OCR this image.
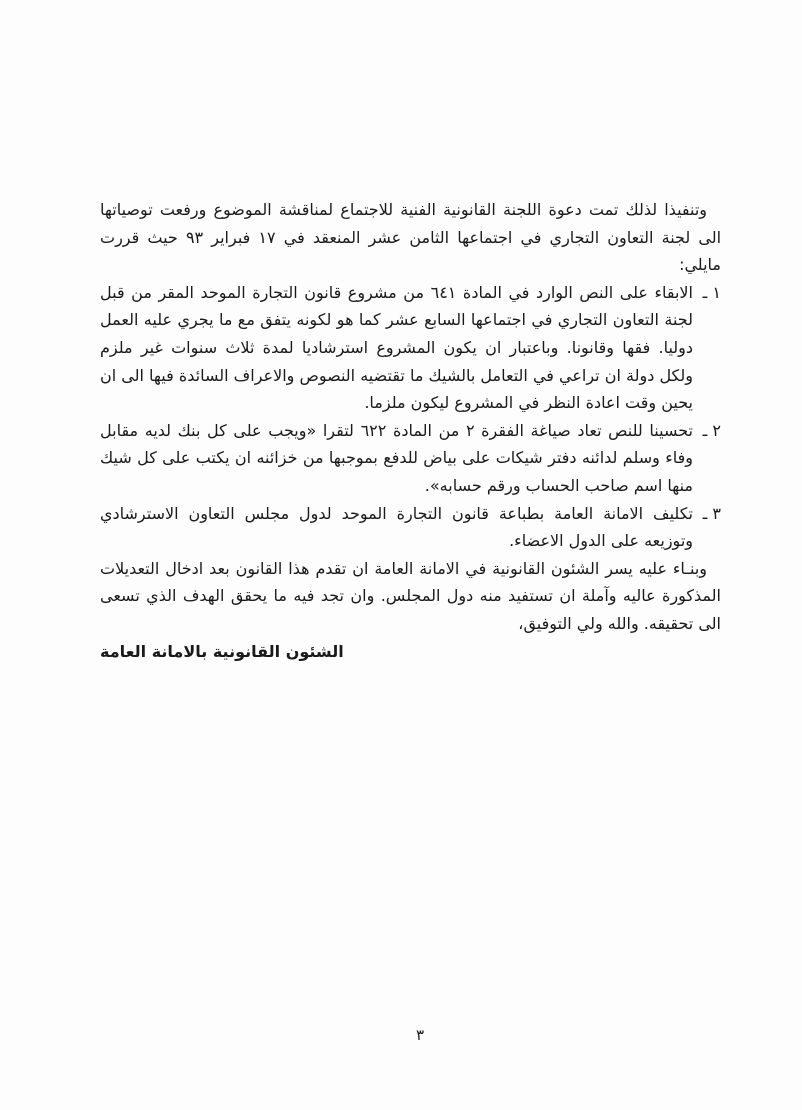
وتنفيذا لذلك تمت دعوة اللجنة القانونية الفنية للاجتماع لمناقشة الموضوع ورفعت توصياتها الى لجنة التعاون التجاري في اجتماعها الثامن عشر المنعقد في ١٧ فبراير ٩٣ حيث قررت مايلي:

١ ـ
الابقاء على النص الوارد في المادة ٦٤١ من مشروع قانون التجارة الموحد المقر من قبل لجنة التعاون التجاري في اجتماعها السابع عشر كما هو لكونه يتفق مع ما يجري عليه العمل دوليا. فقها وقانونا. وباعتبار ان يكون المشروع استرشاديا لمدة ثلاث سنوات غير ملزم ولكل دولة ان تراعي في التعامل بالشيك ما تقتضيه النصوص والاعراف السائدة فيها الى ان يحين وقت اعادة النظر في المشروع ليكون ملزما.
٢ ـ
تحسينا للنص تعاد صياغة الفقرة ٢ من المادة ٦٢٢ لتقرا «ويجب على كل بنك لديه مقابل وفاء وسلم لدائنه دفتر شيكات على بياض للدفع بموجبها من خزائنه ان يكتب على كل شيك منها اسم صاحب الحساب ورقم حسابه».
٣ ـ
تكليف الامانة العامة بطباعة قانون التجارة الموحد لدول مجلس التعاون الاسترشادي وتوزيعه على الدول الاعضاء.

وبنـاء عليه يسر الشئون القانونية في الامانة العامة ان تقدم هذا القانون بعد ادخال التعديلات المذكورة عاليه وآملة ان تستفيد منه دول المجلس. وان تجد فيه ما يحقق الهدف الذي تسعى الى تحقيقه. والله ولي التوفيق،

الشئون القانونية بالامانة العامة

٣
